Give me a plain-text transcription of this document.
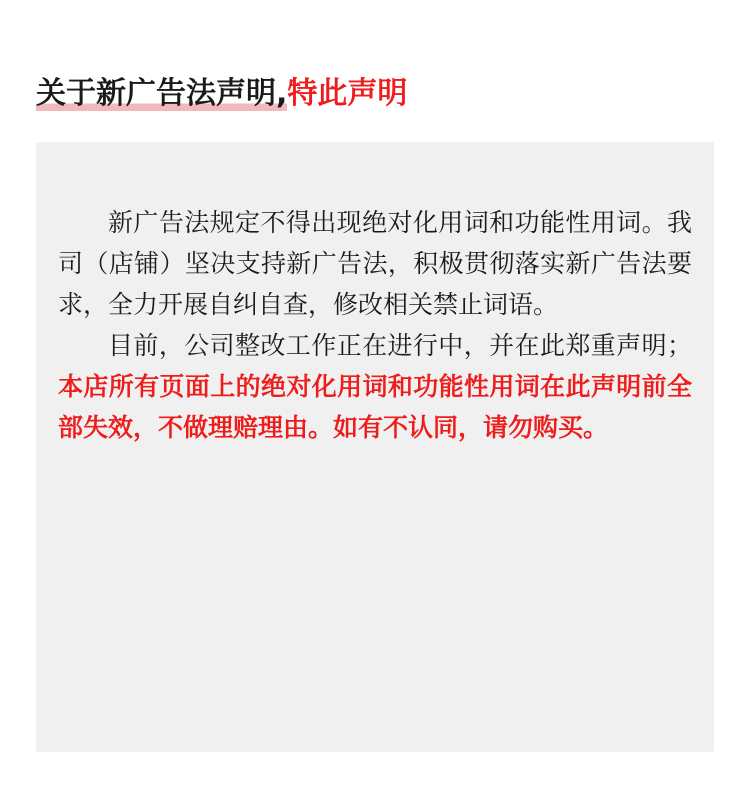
关于新广告法声明,特此声明

新广告法规定不得出现绝对化用词和功能性用词。我司（店铺）坚决支持新广告法，积极贯彻落实新广告法要求，全力开展自纠自查，修改相关禁止词语。

目前，公司整改工作正在进行中，并在此郑重声明；本店所有页面上的绝对化用词和功能性用词在此声明前全部失效，不做理赔理由。如有不认同，请勿购买。
